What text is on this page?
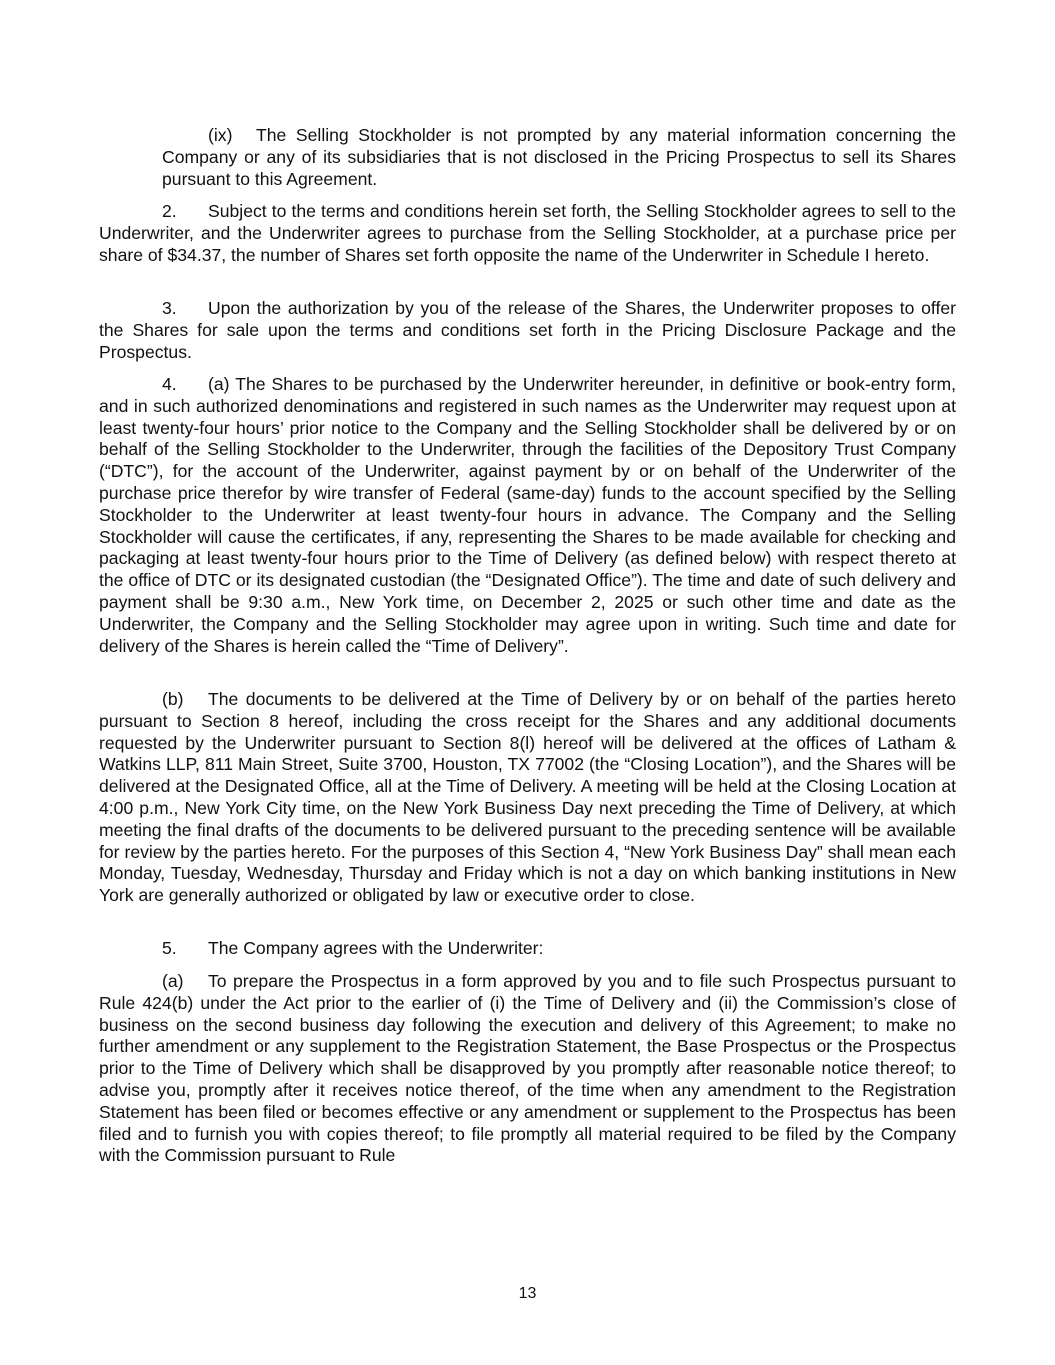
(ix) The Selling Stockholder is not prompted by any material information concerning the Company or any of its subsidiaries that is not disclosed in the Pricing Prospectus to sell its Shares pursuant to this Agreement.

2. Subject to the terms and conditions herein set forth, the Selling Stockholder agrees to sell to the Underwriter, and the Underwriter agrees to purchase from the Selling Stockholder, at a purchase price per share of $34.37, the number of Shares set forth opposite the name of the Underwriter in Schedule I hereto.

3. Upon the authorization by you of the release of the Shares, the Underwriter proposes to offer the Shares for sale upon the terms and conditions set forth in the Pricing Disclosure Package and the Prospectus.

4. (a) The Shares to be purchased by the Underwriter hereunder, in definitive or book-entry form, and in such authorized denominations and registered in such names as the Underwriter may request upon at least twenty-four hours’ prior notice to the Company and the Selling Stockholder shall be delivered by or on behalf of the Selling Stockholder to the Underwriter, through the facilities of the Depository Trust Company (“DTC”), for the account of the Underwriter, against payment by or on behalf of the Underwriter of the purchase price therefor by wire transfer of Federal (same-day) funds to the account specified by the Selling Stockholder to the Underwriter at least twenty-four hours in advance. The Company and the Selling Stockholder will cause the certificates, if any, representing the Shares to be made available for checking and packaging at least twenty-four hours prior to the Time of Delivery (as defined below) with respect thereto at the office of DTC or its designated custodian (the “Designated Office”). The time and date of such delivery and payment shall be 9:30 a.m., New York time, on December 2, 2025 or such other time and date as the Underwriter, the Company and the Selling Stockholder may agree upon in writing. Such time and date for delivery of the Shares is herein called the “Time of Delivery”.

(b) The documents to be delivered at the Time of Delivery by or on behalf of the parties hereto pursuant to Section 8 hereof, including the cross receipt for the Shares and any additional documents requested by the Underwriter pursuant to Section 8(l) hereof will be delivered at the offices of Latham & Watkins LLP, 811 Main Street, Suite 3700, Houston, TX 77002 (the “Closing Location”), and the Shares will be delivered at the Designated Office, all at the Time of Delivery. A meeting will be held at the Closing Location at 4:00 p.m., New York City time, on the New York Business Day next preceding the Time of Delivery, at which meeting the final drafts of the documents to be delivered pursuant to the preceding sentence will be available for review by the parties hereto. For the purposes of this Section 4, “New York Business Day” shall mean each Monday, Tuesday, Wednesday, Thursday and Friday which is not a day on which banking institutions in New York are generally authorized or obligated by law or executive order to close.

5. The Company agrees with the Underwriter:

(a) To prepare the Prospectus in a form approved by you and to file such Prospectus pursuant to Rule 424(b) under the Act prior to the earlier of (i) the Time of Delivery and (ii) the Commission’s close of business on the second business day following the execution and delivery of this Agreement; to make no further amendment or any supplement to the Registration Statement, the Base Prospectus or the Prospectus prior to the Time of Delivery which shall be disapproved by you promptly after reasonable notice thereof; to advise you, promptly after it receives notice thereof, of the time when any amendment to the Registration Statement has been filed or becomes effective or any amendment or supplement to the Prospectus has been filed and to furnish you with copies thereof; to file promptly all material required to be filed by the Company with the Commission pursuant to Rule

13
